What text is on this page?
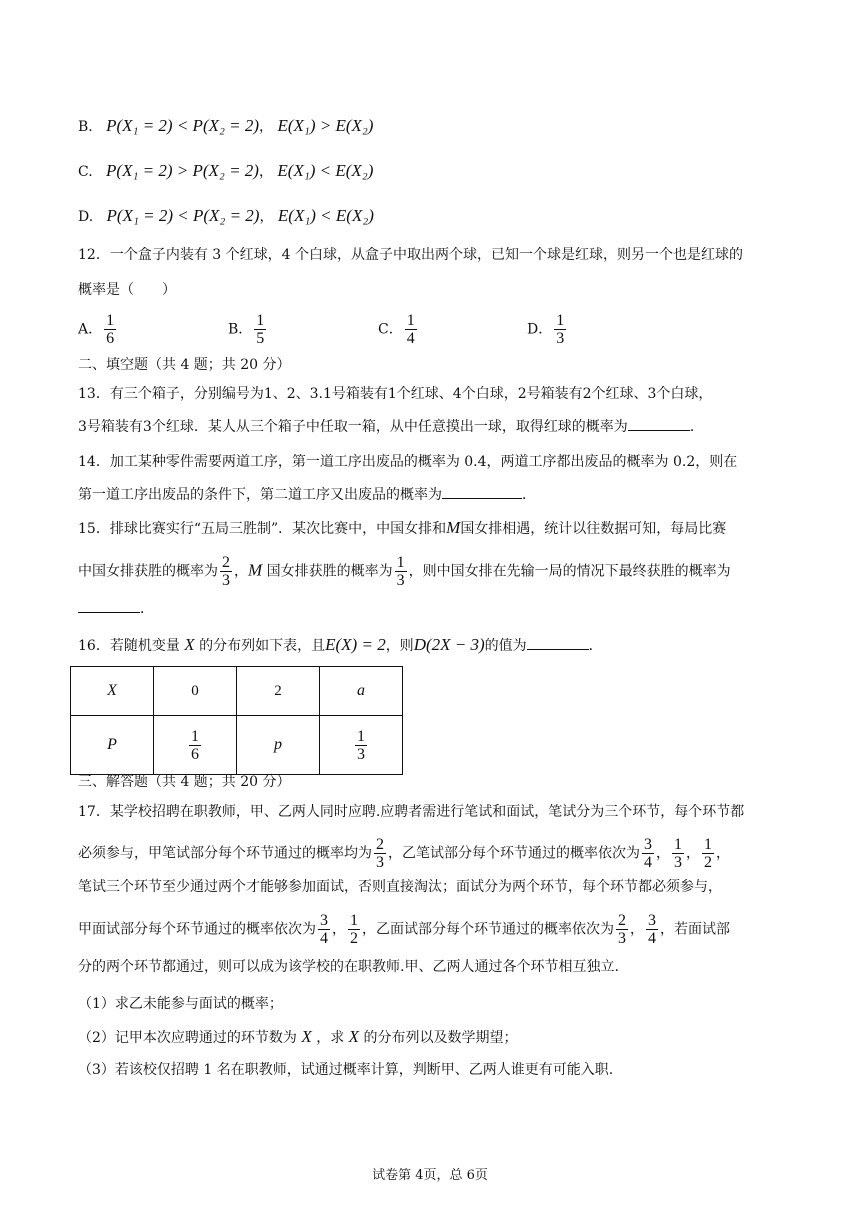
B. P(X₁ = 2) < P(X₂ = 2)， E(X₁) > E(X₂)
C. P(X₁ = 2) > P(X₂ = 2)， E(X₁) < E(X₂)
D. P(X₁ = 2) < P(X₂ = 2)， E(X₁) < E(X₂)
12．一个盒子内装有 3 个红球，4 个白球，从盒子中取出两个球，已知一个球是红球，则另一个也是红球的
概率是（　　）
A． $\frac{1}{6}$	B． $\frac{1}{5}$	C． $\frac{1}{4}$	D． $\frac{1}{3}$
二、填空题（共 4 题；共 20 分）
13．有三个箱子，分别编号为1、2、3.1号箱装有1个红球、4个白球，2号箱装有2个红球、3个白球，
3号箱装有3个红球．某人从三个箱子中任取一箱，从中任意摸出一球，取得红球的概率为	．
14．加工某种零件需要两道工序，第一道工序出废品的概率为 0.4，两道工序都出废品的概率为 0.2，则在
第一道工序出废品的条件下，第二道工序又出废品的概率为	．
15．排球比赛实行“五局三胜制”．某次比赛中，中国女排和M国女排相遇，统计以往数据可知，每局比赛
中国女排获胜的概率为 $\frac{2}{3}$ ，M 国女排获胜的概率为 $\frac{1}{3}$ ，则中国女排在先输一局的情况下最终获胜的概率为
．
16．若随机变量 X 的分布列如下表，且E(X) = 2，则D(2X − 3)的值为	．
X	0	2	a
P	$\frac{1}{6}$	p	$\frac{1}{3}$
三、解答题（共 4 题；共 20 分）
17．某学校招聘在职教师，甲、乙两人同时应聘.应聘者需进行笔试和面试，笔试分为三个环节，每个环节都
必须参与，甲笔试部分每个环节通过的概率均为 $\frac{2}{3}$ ，乙笔试部分每个环节通过的概率依次为 $\frac{3}{4}$ ， $\frac{1}{3}$ ， $\frac{1}{2}$ ，
笔试三个环节至少通过两个才能够参加面试，否则直接淘汰；面试分为两个环节，每个环节都必须参与，
甲面试部分每个环节通过的概率依次为 $\frac{3}{4}$ ， $\frac{1}{2}$ ，乙面试部分每个环节通过的概率依次为 $\frac{2}{3}$ ， $\frac{3}{4}$ ，若面试部
分的两个环节都通过，则可以成为该学校的在职教师.甲、乙两人通过各个环节相互独立.
（1）求乙未能参与面试的概率；
（2）记甲本次应聘通过的环节数为 X ，求 X 的分布列以及数学期望；
（3）若该校仅招聘 1 名在职教师，试通过概率计算，判断甲、乙两人谁更有可能入职.
试卷第 4页，总 6页
